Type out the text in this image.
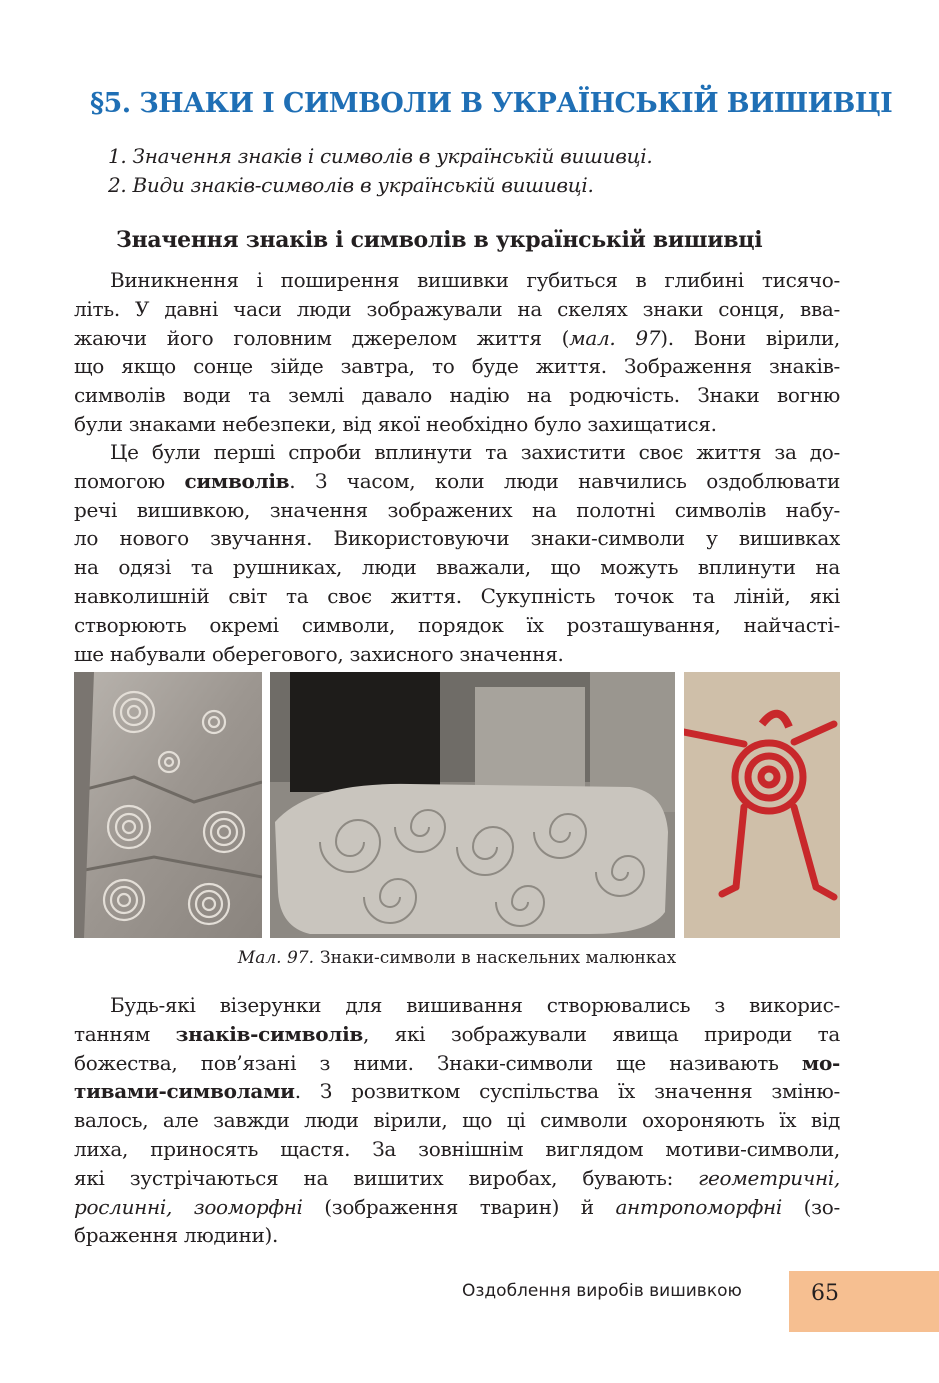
§5. ЗНАКИ І СИМВОЛИ В УКРАЇНСЬКІЙ ВИШИВЦІ
1. Значення знаків і символів в українській вишивці.
2. Види знаків-символів в українській вишивці.
Значення знаків і символів в українській вишивці
Виникнення і поширення вишивки губиться в глибині тисячо-
літь. У давні часи люди зображували на скелях знаки сонця, вва-
жаючи його головним джерелом життя (мал. 97). Вони вірили,
що якщо сонце зійде завтра, то буде життя. Зображення знаків-
символів води та землі давало надію на родючість. Знаки вогню
були знаками небезпеки, від якої необхідно було захищатися.
Це були перші спроби вплинути та захистити своє життя за до-
помогою символів. З часом, коли люди навчились оздоблювати
речі вишивкою, значення зображених на полотні символів набу-
ло нового звучання. Використовуючи знаки-символи у вишивках
на одязі та рушниках, люди вважали, що можуть вплинути на
навколишній світ та своє життя. Сукупність точок та ліній, які
створюють окремі символи, порядок їх розташування, найчасті-
ше набували оберегового, захисного значення.
Мал. 97. Знаки-символи в наскельних малюнках
Будь-які візерунки для вишивання створювались з викорис-
танням знаків-символів, які зображували явища природи та
божества, пов’язані з ними. Знаки-символи ще називають мо-
тивами-символами. З розвитком суспільства їх значення зміню-
валось, але завжди люди вірили, що ці символи охороняють їх від
лиха, приносять щастя. За зовнішнім виглядом мотиви-символи,
які зустрічаються на вишитих виробах, бувають: геометричні,
рослинні, зооморфні (зображення тварин) й антропоморфні (зо-
браження людини).
Оздоблення виробів вишивкою	65
